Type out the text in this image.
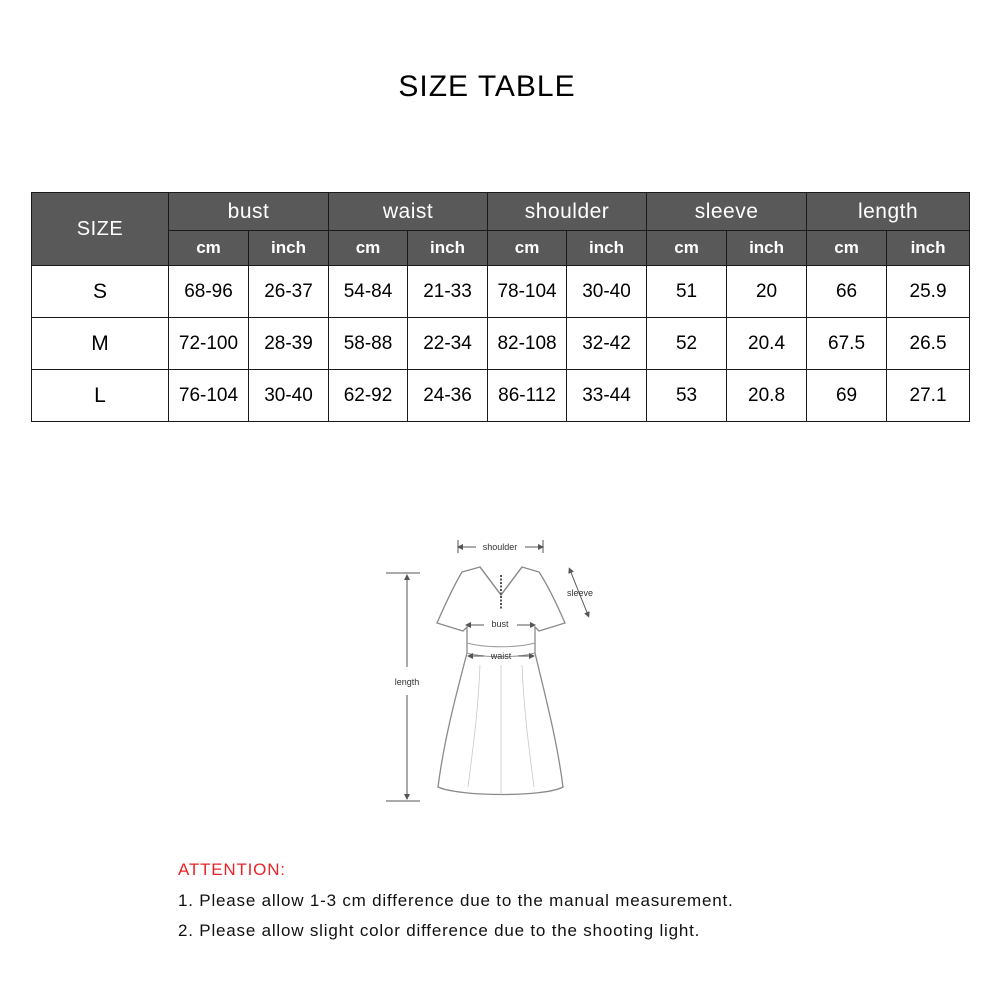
SIZE TABLE
SIZE	bust		waist		shoulder		sleeve		length	
	cm	inch	cm	inch	cm	inch	cm	inch	cm	inch
S	68-96	26-37	54-84	21-33	78-104	30-40	51	20	66	25.9
M	72-100	28-39	58-88	22-34	82-108	32-42	52	20.4	67.5	26.5
L	76-104	30-40	62-92	24-36	86-112	33-44	53	20.8	69	27.1
shoulder
sleeve
bust
waist
length
ATTENTION:
1. Please allow 1-3 cm difference due to the manual measurement.
2. Please allow slight color difference due to the shooting light.
